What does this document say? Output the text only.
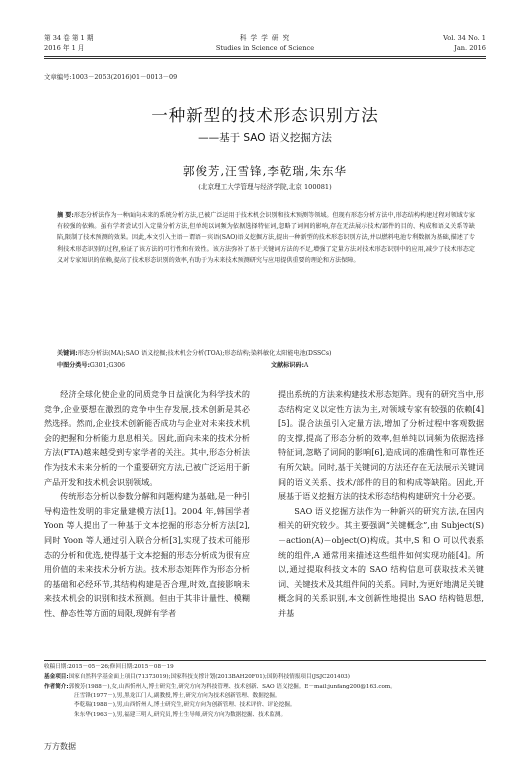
第 34 卷 第 1 期
2016 年 1 月
科 学 学 研 究
Studies in Science of Science
Vol. 34 No. 1
Jan. 2016
文章编号:1003－2053(2016)01－0013－09
一种新型的技术形态识别方法
——基于 SAO 语义挖掘方法
郭俊芳,汪雪锋,李乾瑞,朱东华
(北京理工大学管理与经济学院,北京 100081)
摘 要:形态分析法作为一种面向未来的系统分析方法,已被广泛运用于技术机会识别和技术预测等领域。但现有形态分析方法中,形态结构构建过程对领域专家有较强的依赖。虽有学者尝试引入定量分析方法,但单纯以词频为依据选择特征词,忽略了词间的影响,存在无法展示技术/部件的目的、构成和语义关系等缺陷,限制了技术预测的效果。因此,本文引入主语－谓语－宾语(SAO)语义挖掘方法,提出一种新型的技术形态识别方法,并以燃料电池专利数据为基础,描述了专利技术形态识别的过程,验证了该方法的可行性和有效性。该方法弥补了基于关键词方法的不足,增强了定量方法对技术形态识别中的应用,减少了技术形态定义对专家知识的依赖,提高了技术形态识别的效率,有助于为未来技术预测研究与应用提供重要的理论和方法保障。
关键词:形态分析法(MA);SAO 语义挖掘;技术机会分析(TOA);形态结构;染料敏化太阳能电池(DSSCs)
中图分类号:G301;G306	文献标识码:A

经济全球化使企业的同质竞争日益演化为科学技术的竞争,企业要想在激烈的竞争中生存发展,技术创新是其必然选择。然而,企业技术创新能否成功与企业对未来技术机会的把握和分析能力息息相关。因此,面向未来的技术分析方法(FTA)越来越受到专家学者的关注。其中,形态分析法作为技术未来分析的一个重要研究方法,已被广泛运用于新产品开发和技术机会识别领域。

传统形态分析以参数分解和问题构建为基础,是一种引导构造性发明的非定量建模方法[1]。2004 年,韩国学者 Yoon 等人提出了一种基于文本挖掘的形态分析方法[2],同时 Yoon 等人通过引入联合分析[3],实现了技术可能形态的分析和优选,使得基于文本挖掘的形态分析成为很有应用价值的未来技术分析方法。技术形态矩阵作为形态分析的基础和必经环节,其结构构建是否合理,时效,直接影响未来技术机会的识别和技术预测。但由于其非计量性、模糊性、静态性等方面的局限,现鲜有学者

提出系统的方法来构建技术形态矩阵。现有的研究当中,形态结构定义以定性方法为主,对领域专家有较强的依赖[4][5]。混合法虽引入定量方法,增加了分析过程中客观数据的支撑,提高了形态分析的效率,但单纯以词频为依据选择特征词,忽略了词间的影响[6],造成词的准确性和可靠性还有所欠缺。同时,基于关键词的方法还存在无法展示关键词间的语义关系、技术/部件的目的和构成等缺陷。因此,开展基于语义挖掘方法的技术形态结构构建研究十分必要。

SAO 语义挖掘方法作为一种新兴的研究方法,在国内相关的研究较少。其主要强调“关键概念”,由 Subject(S)－action(A)－object(O)构成。其中,S 和 O 可以代表系统的组件,A 通常用来描述这些组件如何实现功能[4]。所以,通过提取科技文本的 SAO 结构信息可获取技术关键词、关键技术及其组件间的关系。同时,为更好地满足关键概念间的关系识别,本文创新性地提出 SAO 结构链思想,并基

收稿日期:2015－05－26;修回日期:2015－08－19
基金项目:国家自然科学基金面上项目(71373019);国家科技支撑计划(2013BAH20F01);国防科技情报项目(JSJC201403)
作者简介:郭俊芳(1988－),女,山西忻州人,博士研究生,研究方向为科技管理、技术创新、SAO 语义挖掘。E－mail:junfang200@163.com。
汪雪锋(1977－),男,黑龙江门人,副教授,博士,研究方向为技术创新管理、数据挖掘。
李乾瑞(1988－),男,山西忻州人,博士研究生,研究方向为创新管理、技术评价、评论挖掘。
朱东华(1963－),男,福建三明人,研究员,博士生导师,研究方向为数据挖掘、技术监测。
万方数据
